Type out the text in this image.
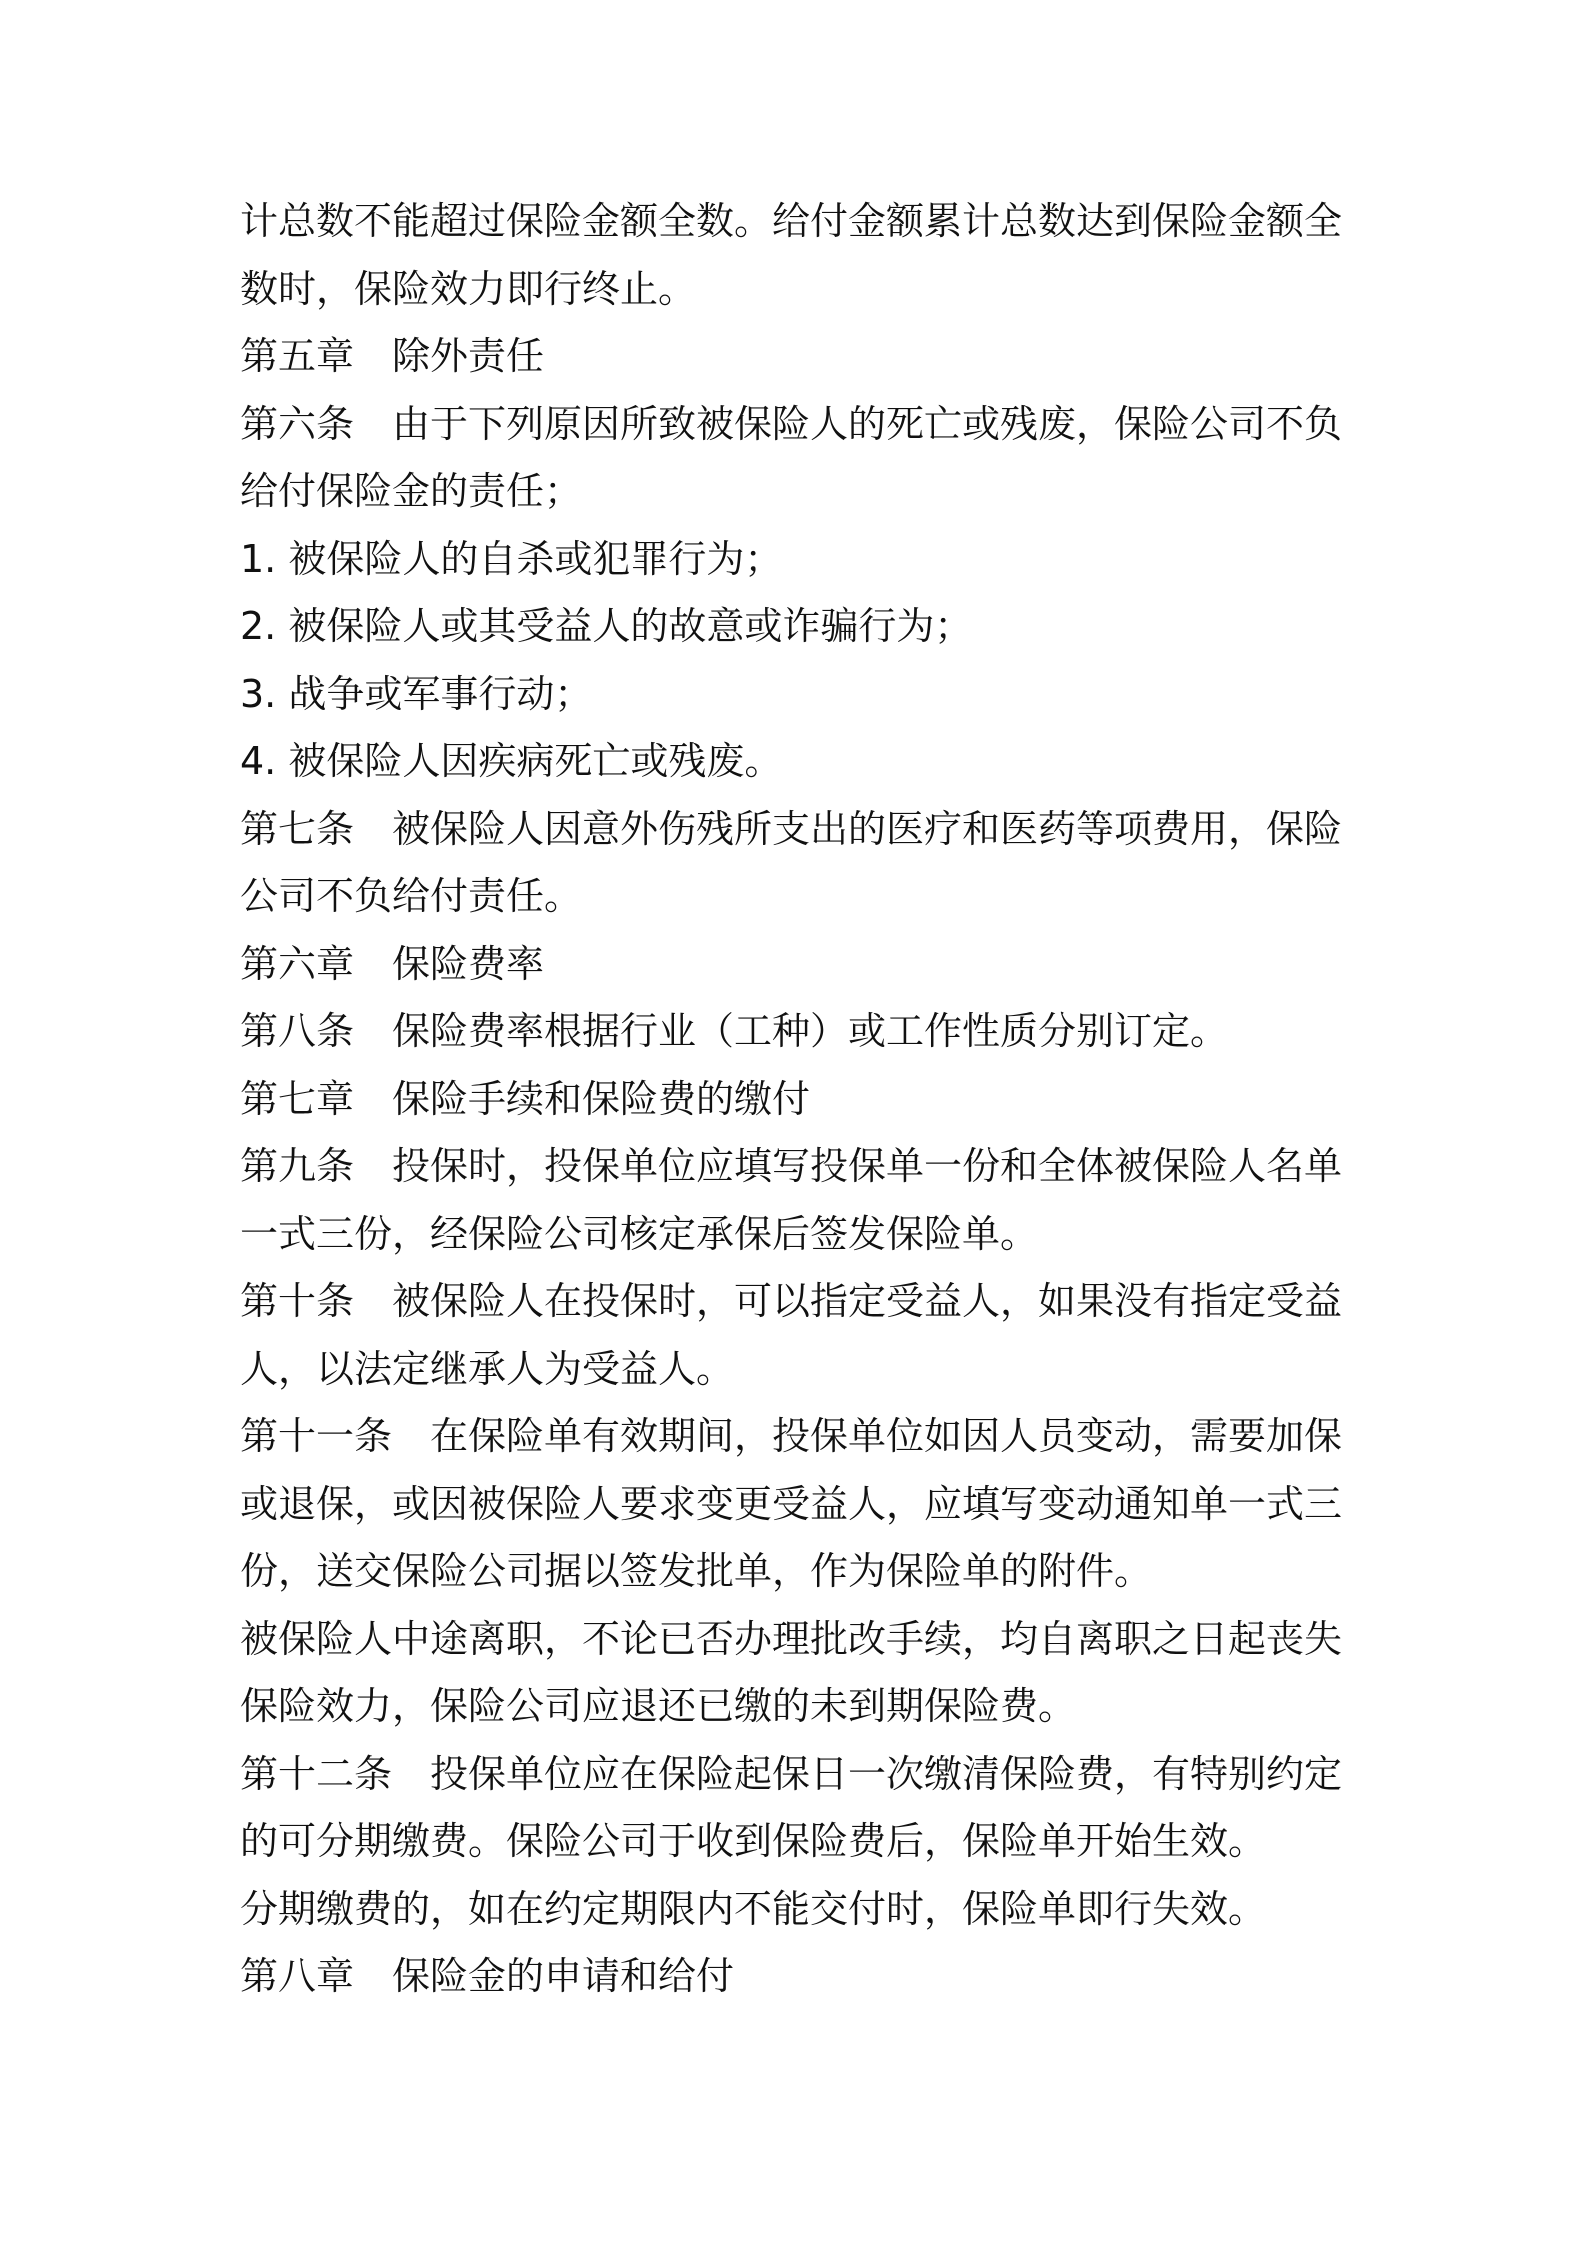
计总数不能超过保险金额全数。给付金额累计总数达到保险金额全
数时，保险效力即行终止。
第五章 除外责任
第六条 由于下列原因所致被保险人的死亡或残废，保险公司不负
给付保险金的责任；
1. 被保险人的自杀或犯罪行为；
2. 被保险人或其受益人的故意或诈骗行为；
3. 战争或军事行动；
4. 被保险人因疾病死亡或残废。
第七条 被保险人因意外伤残所支出的医疗和医药等项费用，保险
公司不负给付责任。
第六章 保险费率
第八条 保险费率根据行业（工种）或工作性质分别订定。
第七章 保险手续和保险费的缴付
第九条 投保时，投保单位应填写投保单一份和全体被保险人名单
一式三份，经保险公司核定承保后签发保险单。
第十条 被保险人在投保时，可以指定受益人，如果没有指定受益
人，以法定继承人为受益人。
第十一条 在保险单有效期间，投保单位如因人员变动，需要加保
或退保，或因被保险人要求变更受益人，应填写变动通知单一式三
份，送交保险公司据以签发批单，作为保险单的附件。
被保险人中途离职，不论已否办理批改手续，均自离职之日起丧失
保险效力，保险公司应退还已缴的未到期保险费。
第十二条 投保单位应在保险起保日一次缴清保险费，有特别约定
的可分期缴费。保险公司于收到保险费后，保险单开始生效。
分期缴费的，如在约定期限内不能交付时，保险单即行失效。
第八章 保险金的申请和给付
